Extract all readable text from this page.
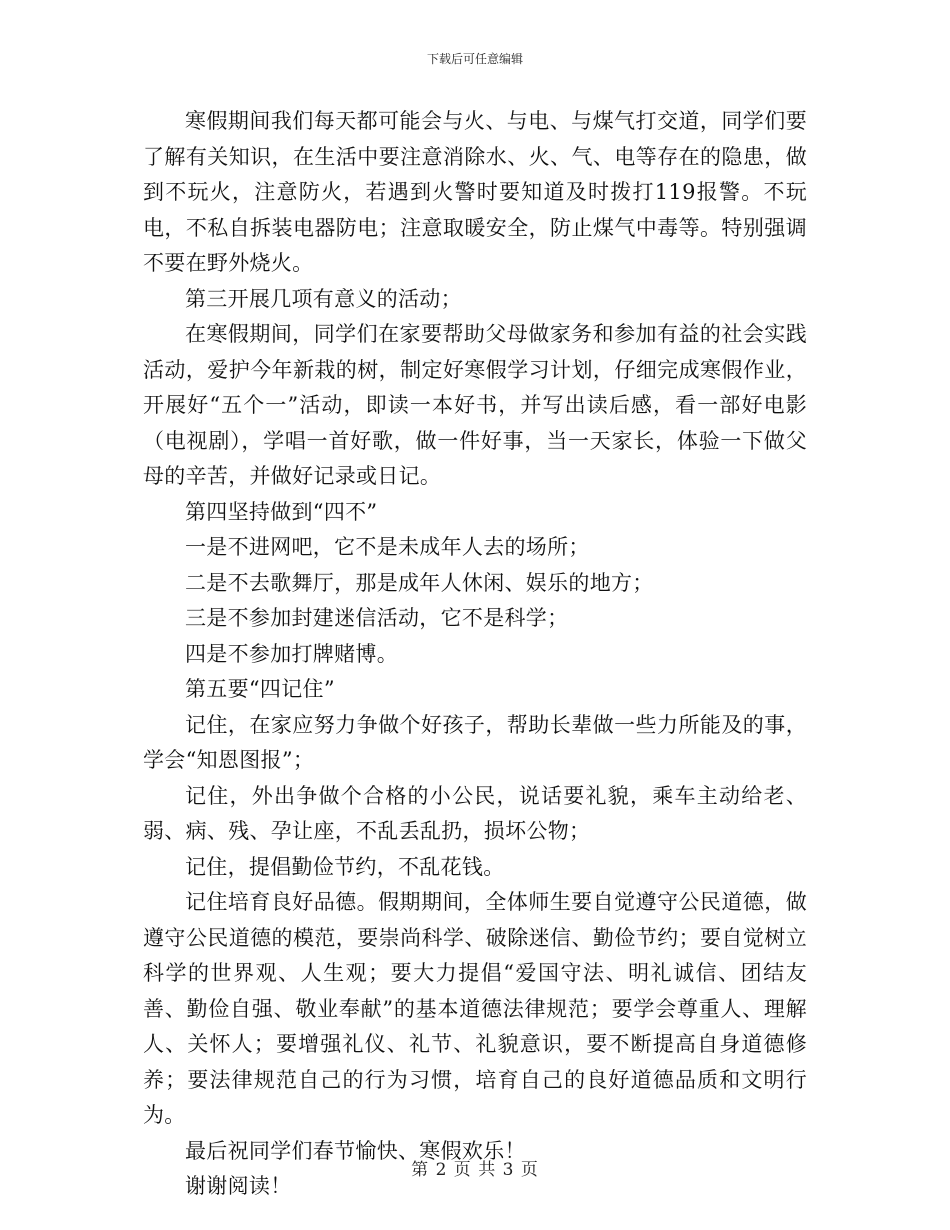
下载后可任意编辑

寒假期间我们每天都可能会与火、与电、与煤气打交道，同学们要了解有关知识，在生活中要注意消除水、火、气、电等存在的隐患，做到不玩火，注意防火，若遇到火警时要知道及时拨打119报警。不玩电，不私自拆装电器防电；注意取暖安全，防止煤气中毒等。特别强调不要在野外烧火。

第三开展几项有意义的活动；

在寒假期间，同学们在家要帮助父母做家务和参加有益的社会实践活动，爱护今年新栽的树，制定好寒假学习计划，仔细完成寒假作业，开展好“五个一”活动，即读一本好书，并写出读后感，看一部好电影（电视剧），学唱一首好歌，做一件好事，当一天家长，体验一下做父母的辛苦，并做好记录或日记。

第四坚持做到“四不”

一是不进网吧，它不是未成年人去的场所；

二是不去歌舞厅，那是成年人休闲、娱乐的地方；

三是不参加封建迷信活动，它不是科学；

四是不参加打牌赌博。

第五要“四记住”

记住，在家应努力争做个好孩子，帮助长辈做一些力所能及的事，学会“知恩图报”；

记住，外出争做个合格的小公民，说话要礼貌，乘车主动给老、弱、病、残、孕让座，不乱丢乱扔，损坏公物；

记住，提倡勤俭节约，不乱花钱。

记住培育良好品德。假期期间，全体师生要自觉遵守公民道德，做遵守公民道德的模范，要崇尚科学、破除迷信、勤俭节约；要自觉树立科学的世界观、人生观；要大力提倡“爱国守法、明礼诚信、团结友善、勤俭自强、敬业奉献”的基本道德法律规范；要学会尊重人、理解人、关怀人；要增强礼仪、礼节、礼貌意识，要不断提高自身道德修养；要法律规范自己的行为习惯，培育自己的良好道德品质和文明行为。

最后祝同学们春节愉快、寒假欢乐！

谢谢阅读！

第 2 页 共 3 页
